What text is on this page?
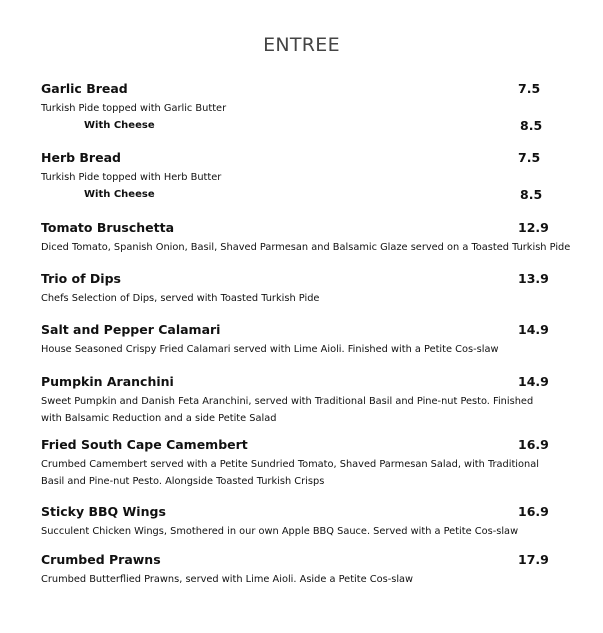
ENTREE
Garlic Bread	7.5
Turkish Pide topped with Garlic Butter
With Cheese	8.5
Herb Bread	7.5
Turkish Pide topped with Herb Butter
With Cheese	8.5
Tomato Bruschetta	12.9
Diced Tomato, Spanish Onion, Basil, Shaved Parmesan and Balsamic Glaze served on a Toasted Turkish Pide
Trio of Dips	13.9
Chefs Selection of Dips, served with Toasted Turkish Pide
Salt and Pepper Calamari	14.9
House Seasoned Crispy Fried Calamari served with Lime Aioli. Finished with a Petite Cos-slaw
Pumpkin Aranchini	14.9
Sweet Pumpkin and Danish Feta Aranchini, served with Traditional Basil and Pine-nut Pesto. Finished with Balsamic Reduction and a side Petite Salad
Fried South Cape Camembert	16.9
Crumbed Camembert served with a Petite Sundried Tomato, Shaved Parmesan Salad, with Traditional Basil and Pine-nut Pesto. Alongside Toasted Turkish Crisps
Sticky BBQ Wings	16.9
Succulent Chicken Wings, Smothered in our own Apple BBQ Sauce. Served with a Petite Cos-slaw
Crumbed Prawns	17.9
Crumbed Butterflied Prawns, served with Lime Aioli. Aside a Petite Cos-slaw
